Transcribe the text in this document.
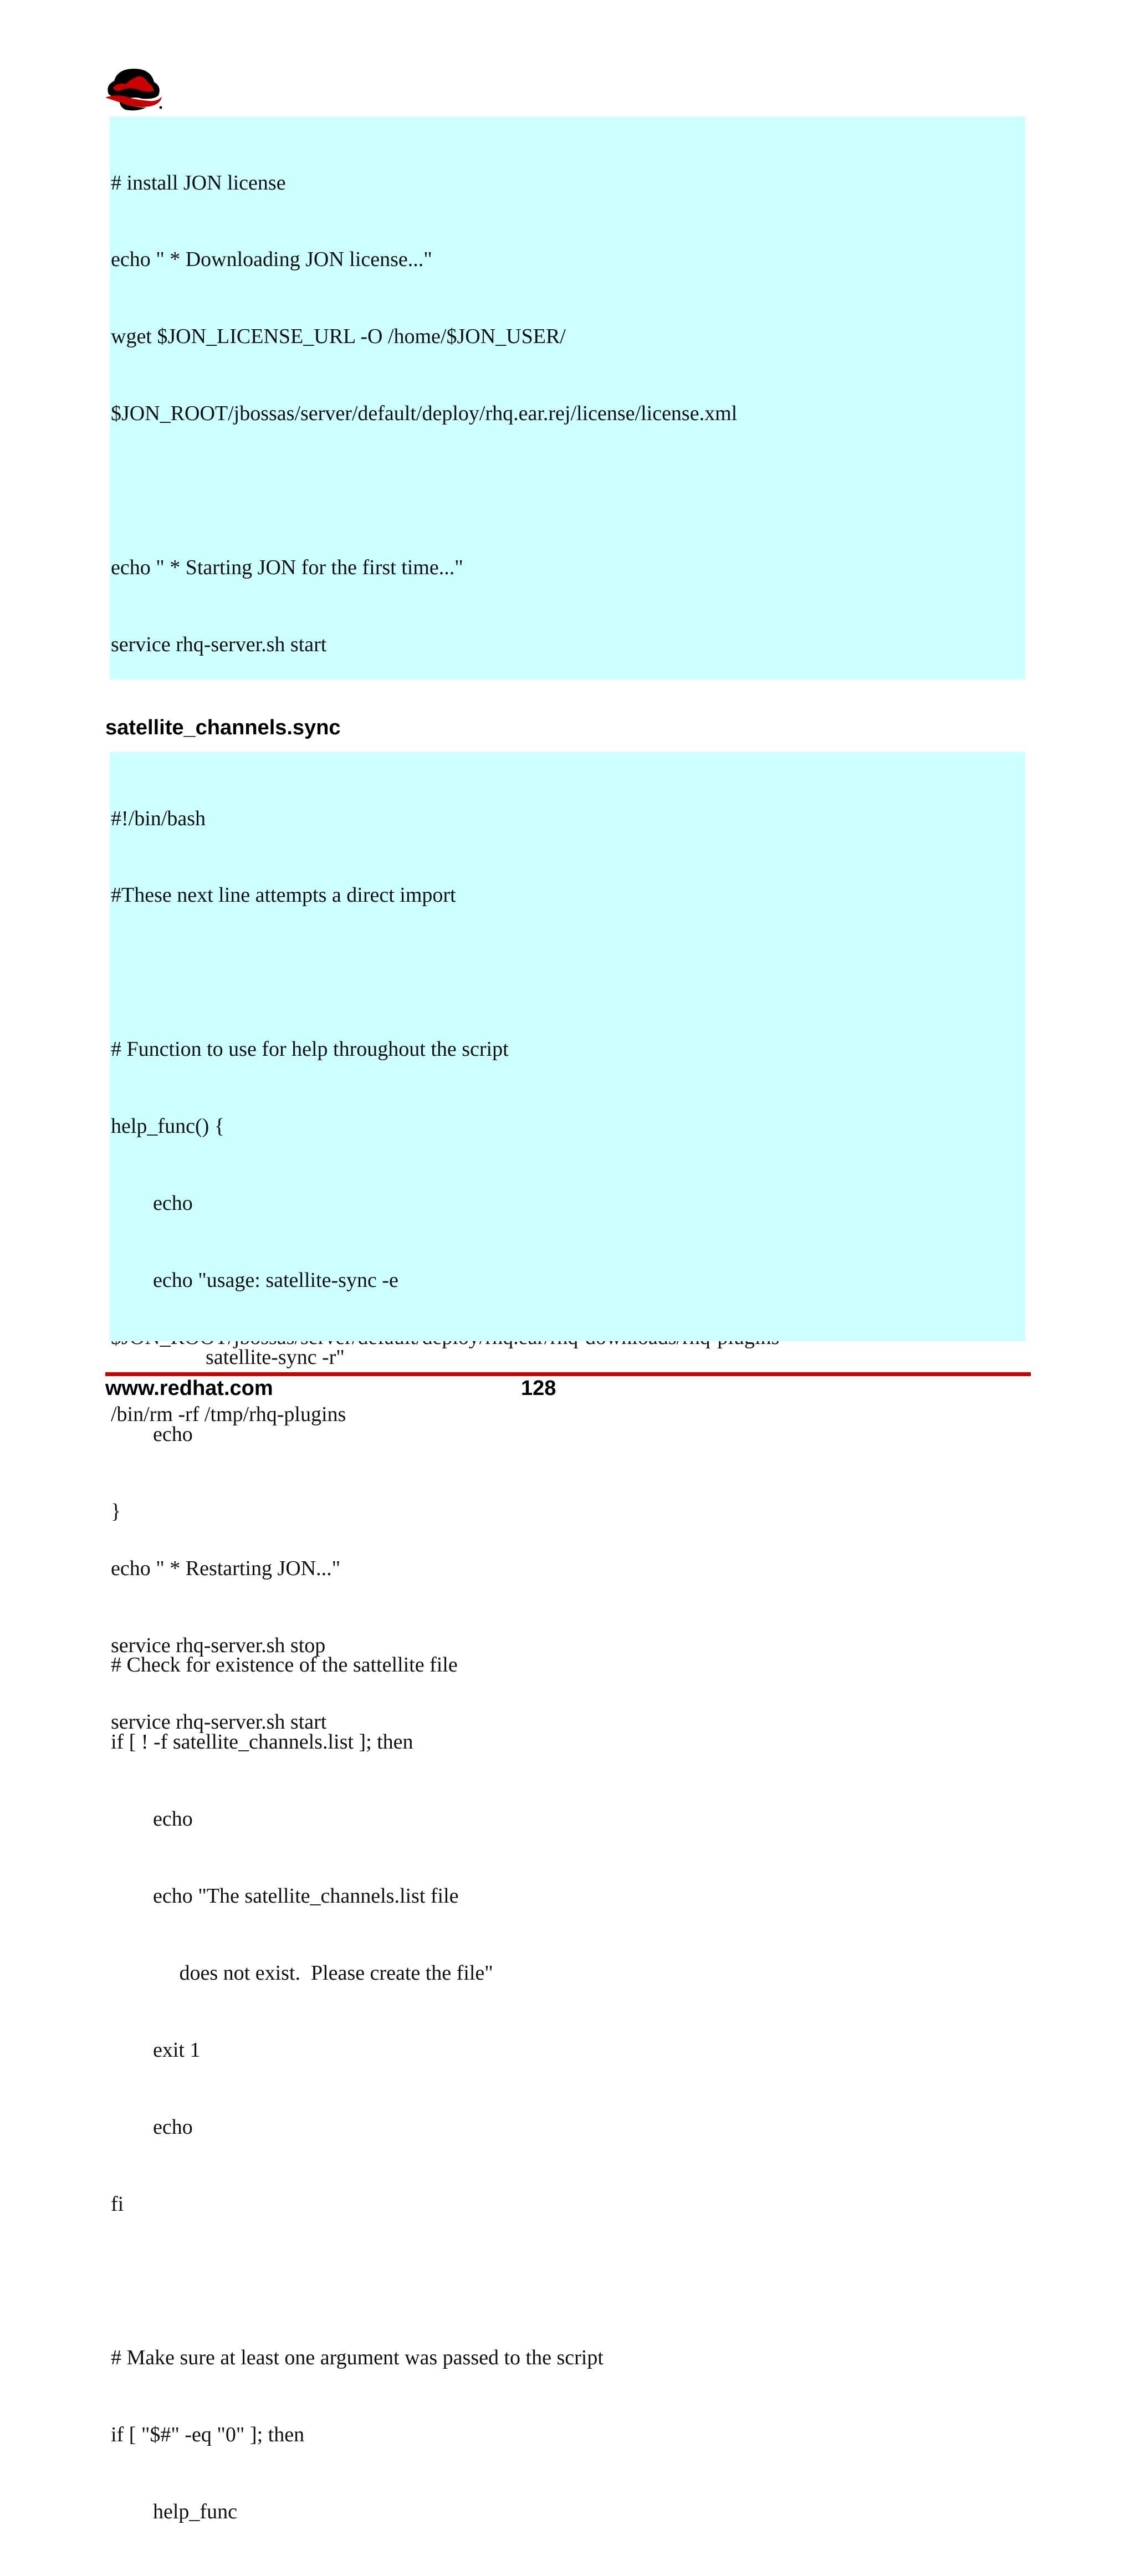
# install JON license

echo " * Downloading JON license..."

wget $JON_LICENSE_URL -O /home/$JON_USER/

$JON_ROOT/jbossas/server/default/deploy/rhq.ear.rej/license/license.xml

echo " * Starting JON for the first time..."

service rhq-server.sh start

/bin/rm -rf /tmp/rhq-plugins

echo " * Restarting JON..."

service rhq-server.sh stop

service rhq-server.sh start

satellite_channels.sync

#!/bin/bash

#These next line attempts a direct import

# Function to use for help throughout the script

help_func() {

	echo

	echo "usage: satellite-sync -e

		satellite-sync -r"

	echo

}

# Check for existence of the sattellite file

if [ ! -f satellite_channels.list ]; then

	echo

	echo "The satellite_channels.list file

	does not exist.  Please create the file"

	exit 1

	echo

fi

# Make sure at least one argument was passed to the script

if [ "$#" -eq "0" ]; then

	help_func

www.redhat.com	128
